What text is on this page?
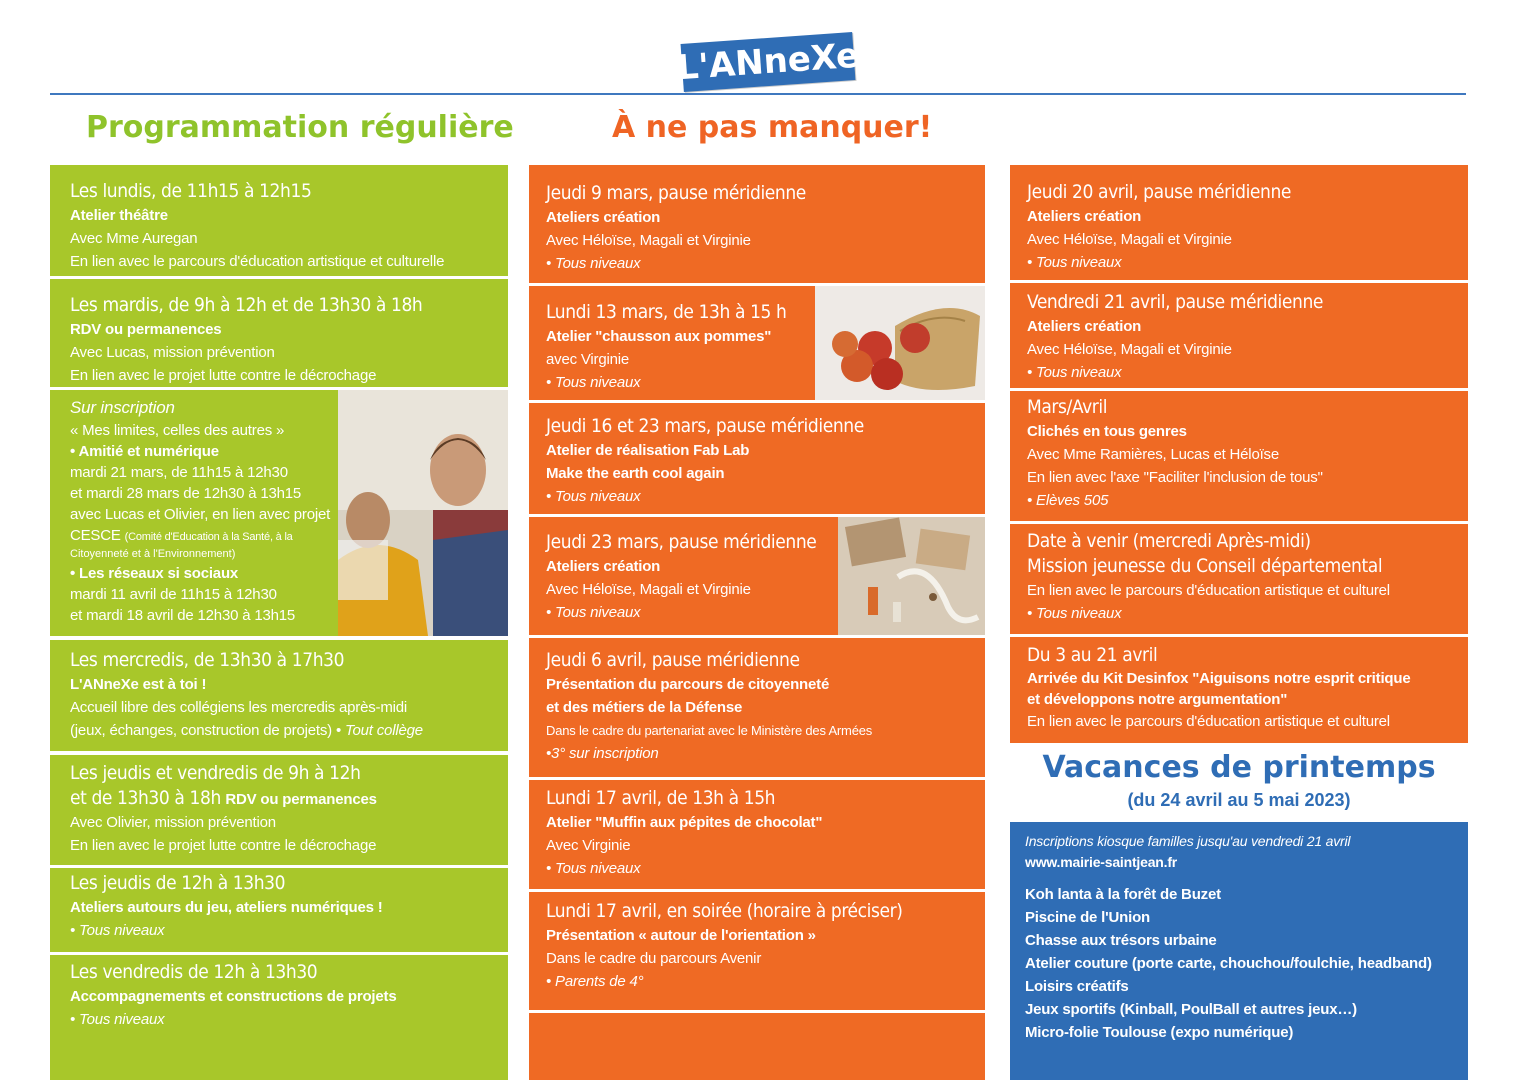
L'ANneXe
Programmation régulière	À ne pas manquer!
Les lundis, de 11h15 à 12h15
Atelier théâtre
Avec Mme Auregan
En lien avec le parcours d'éducation artistique et culturelle
Les mardis, de 9h à 12h et de 13h30 à 18h
RDV ou permanences
Avec Lucas, mission prévention
En lien avec le projet lutte contre le décrochage
Sur inscription
« Mes limites, celles des autres »
• Amitié et numérique
mardi 21 mars, de 11h15 à 12h30
et mardi 28 mars de 12h30 à 13h15
avec Lucas et Olivier, en lien avec projet
CESCE (Comité d'Education à la Santé, à la
Citoyenneté et à l'Environnement)
• Les réseaux si sociaux
mardi 11 avril de 11h15 à 12h30
et mardi 18 avril de 12h30 à 13h15
Les mercredis, de 13h30 à 17h30
L'ANneXe est à toi !
Accueil libre des collégiens les mercredis après-midi
(jeux, échanges, construction de projets) • Tout collège
Les jeudis et vendredis de 9h à 12h
et de 13h30 à 18h RDV ou permanences
Avec Olivier, mission prévention
En lien avec le projet lutte contre le décrochage
Les jeudis de 12h à 13h30
Ateliers autours du jeu, ateliers numériques !
• Tous niveaux
Les vendredis de 12h à 13h30
Accompagnements et constructions de projets
• Tous niveaux
Jeudi 9 mars, pause méridienne
Ateliers création
Avec Héloïse, Magali et Virginie
• Tous niveaux
Lundi 13 mars, de 13h à 15 h
Atelier "chausson aux pommes"
avec Virginie
• Tous niveaux
Jeudi 16 et 23 mars, pause méridienne
Atelier de réalisation Fab Lab
Make the earth cool again
• Tous niveaux
Jeudi 23 mars, pause méridienne
Ateliers création
Avec Héloïse, Magali et Virginie
• Tous niveaux
Jeudi 6 avril, pause méridienne
Présentation du parcours de citoyenneté
et des métiers de la Défense
Dans le cadre du partenariat avec le Ministère des Armées
•3° sur inscription
Lundi 17 avril, de 13h à 15h
Atelier "Muffin aux pépites de chocolat"
Avec Virginie
• Tous niveaux
Lundi 17 avril, en soirée (horaire à préciser)
Présentation « autour de l'orientation »
Dans le cadre du parcours Avenir
• Parents de 4°
Jeudi 20 avril, pause méridienne
Ateliers création
Avec Héloïse, Magali et Virginie
• Tous niveaux
Vendredi 21 avril, pause méridienne
Ateliers création
Avec Héloïse, Magali et Virginie
• Tous niveaux
Mars/Avril
Clichés en tous genres
Avec Mme Ramières, Lucas et Héloïse
En lien avec l'axe "Faciliter l'inclusion de tous"
• Elèves 505
Date à venir (mercredi Après-midi)
Mission jeunesse du Conseil départemental
En lien avec le parcours d'éducation artistique et culturel
• Tous niveaux
Du 3 au 21 avril
Arrivée du Kit Desinfox "Aiguisons notre esprit critique
et développons notre argumentation"
En lien avec le parcours d'éducation artistique et culturel
Vacances de printemps
(du 24 avril au 5 mai 2023)
Inscriptions kiosque familles jusqu'au vendredi 21 avril
www.mairie-saintjean.fr
Koh lanta à la forêt de Buzet
Piscine de l'Union
Chasse aux trésors urbaine
Atelier couture (porte carte, chouchou/foulchie, headband)
Loisirs créatifs
Jeux sportifs (Kinball, PoulBall et autres jeux…)
Micro-folie Toulouse (expo numérique)
